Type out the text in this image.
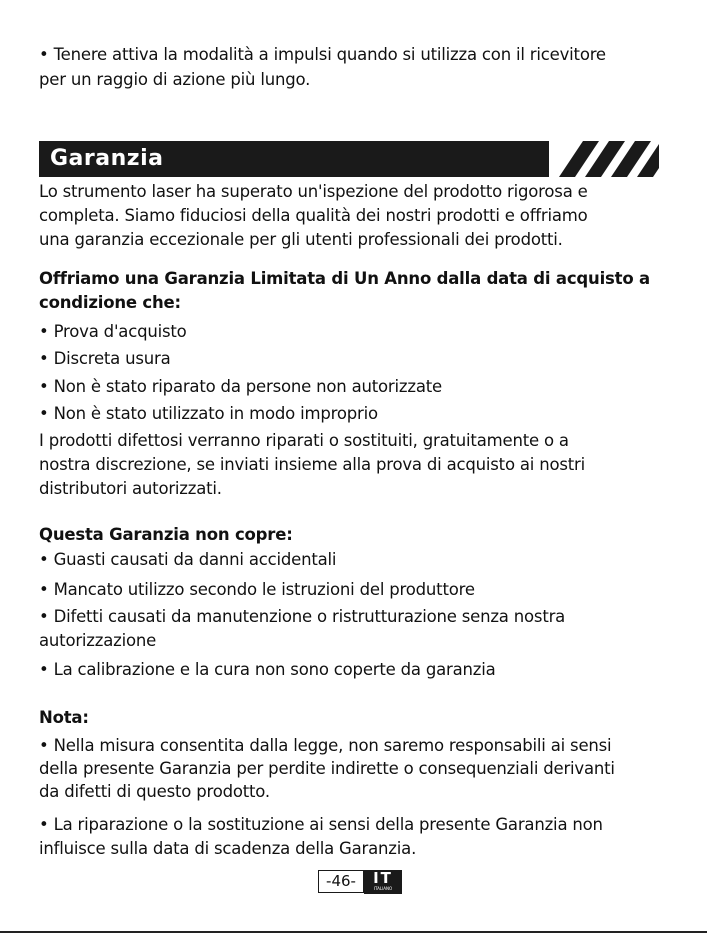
• Tenere attiva la modalità a impulsi quando si utilizza con il ricevitore

per un raggio di azione più lungo.

Garanzia

Lo strumento laser ha superato un'ispezione del prodotto rigorosa e

completa. Siamo fiduciosi della qualità dei nostri prodotti e offriamo

una garanzia eccezionale per gli utenti professionali dei prodotti.

Offriamo una Garanzia Limitata di Un Anno dalla data di acquisto a

condizione che:

• Prova d'acquisto

• Discreta usura

• Non è stato riparato da persone non autorizzate

• Non è stato utilizzato in modo improprio

I prodotti difettosi verranno riparati o sostituiti, gratuitamente o a

nostra discrezione, se inviati insieme alla prova di acquisto ai nostri

distributori autorizzati.

Questa Garanzia non copre:

• Guasti causati da danni accidentali

• Mancato utilizzo secondo le istruzioni del produttore

• Difetti causati da manutenzione o ristrutturazione senza nostra

autorizzazione

• La calibrazione e la cura non sono coperte da garanzia

Nota:

• Nella misura consentita dalla legge, non saremo responsabili ai sensi

della presente Garanzia per perdite indirette o consequenziali derivanti

da difetti di questo prodotto.

• La riparazione o la sostituzione ai sensi della presente Garanzia non

influisce sulla data di scadenza della Garanzia.

-46-	IT
ITALIANO
